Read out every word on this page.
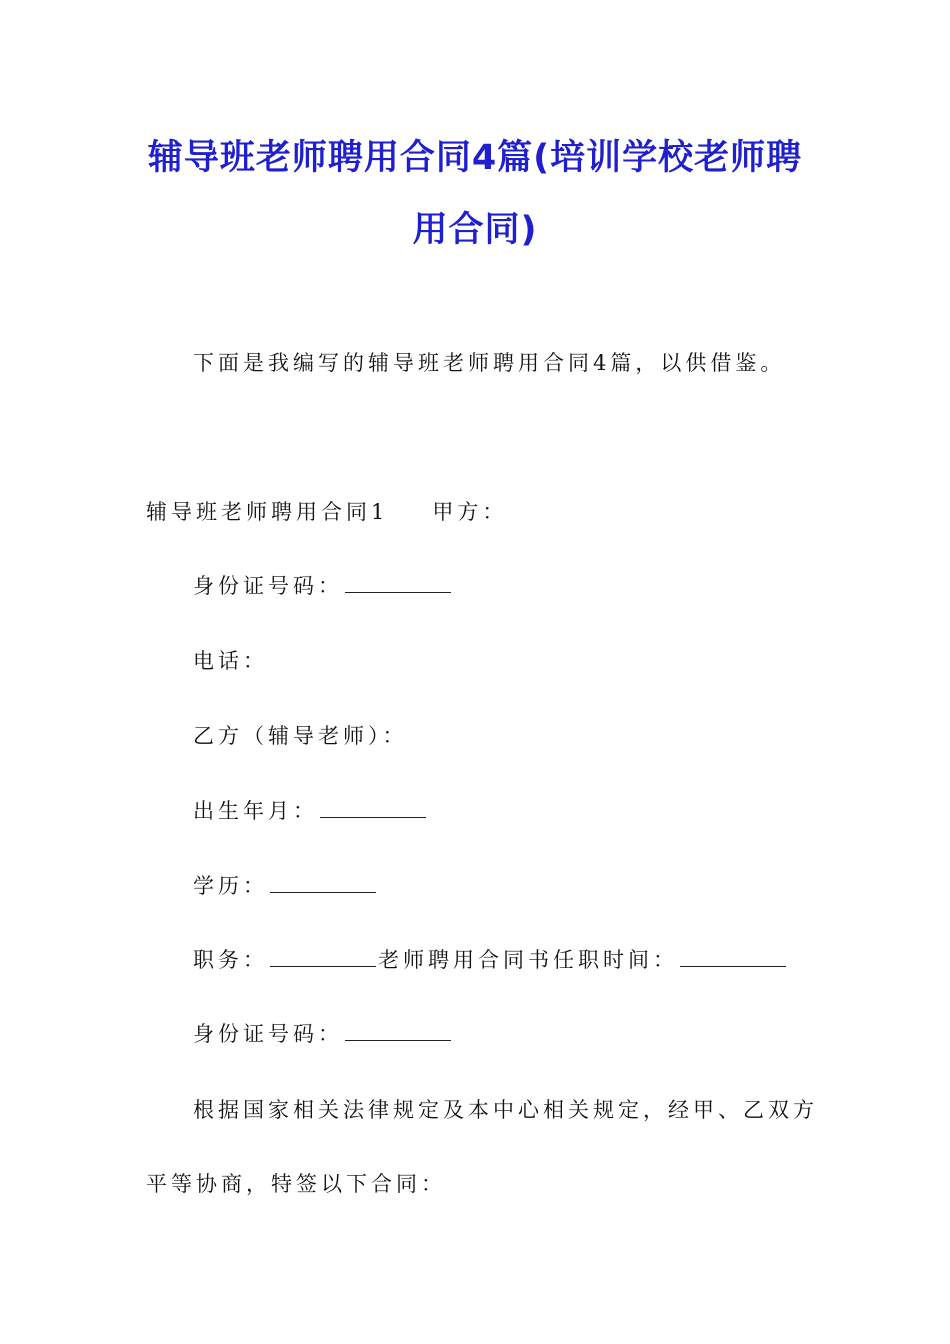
辅导班老师聘用合同4篇(培训学校老师聘
用合同)
下面是我编写的辅导班老师聘用合同4篇，以供借鉴。
辅导班老师聘用合同1 甲方：
身份证号码：
电话：
乙方（辅导老师）：
出生年月：
学历：
职务：	老师聘用合同书任职时间：
身份证号码：
根据国家相关法律规定及本中心相关规定，经甲、乙双方
平等协商，特签以下合同：
